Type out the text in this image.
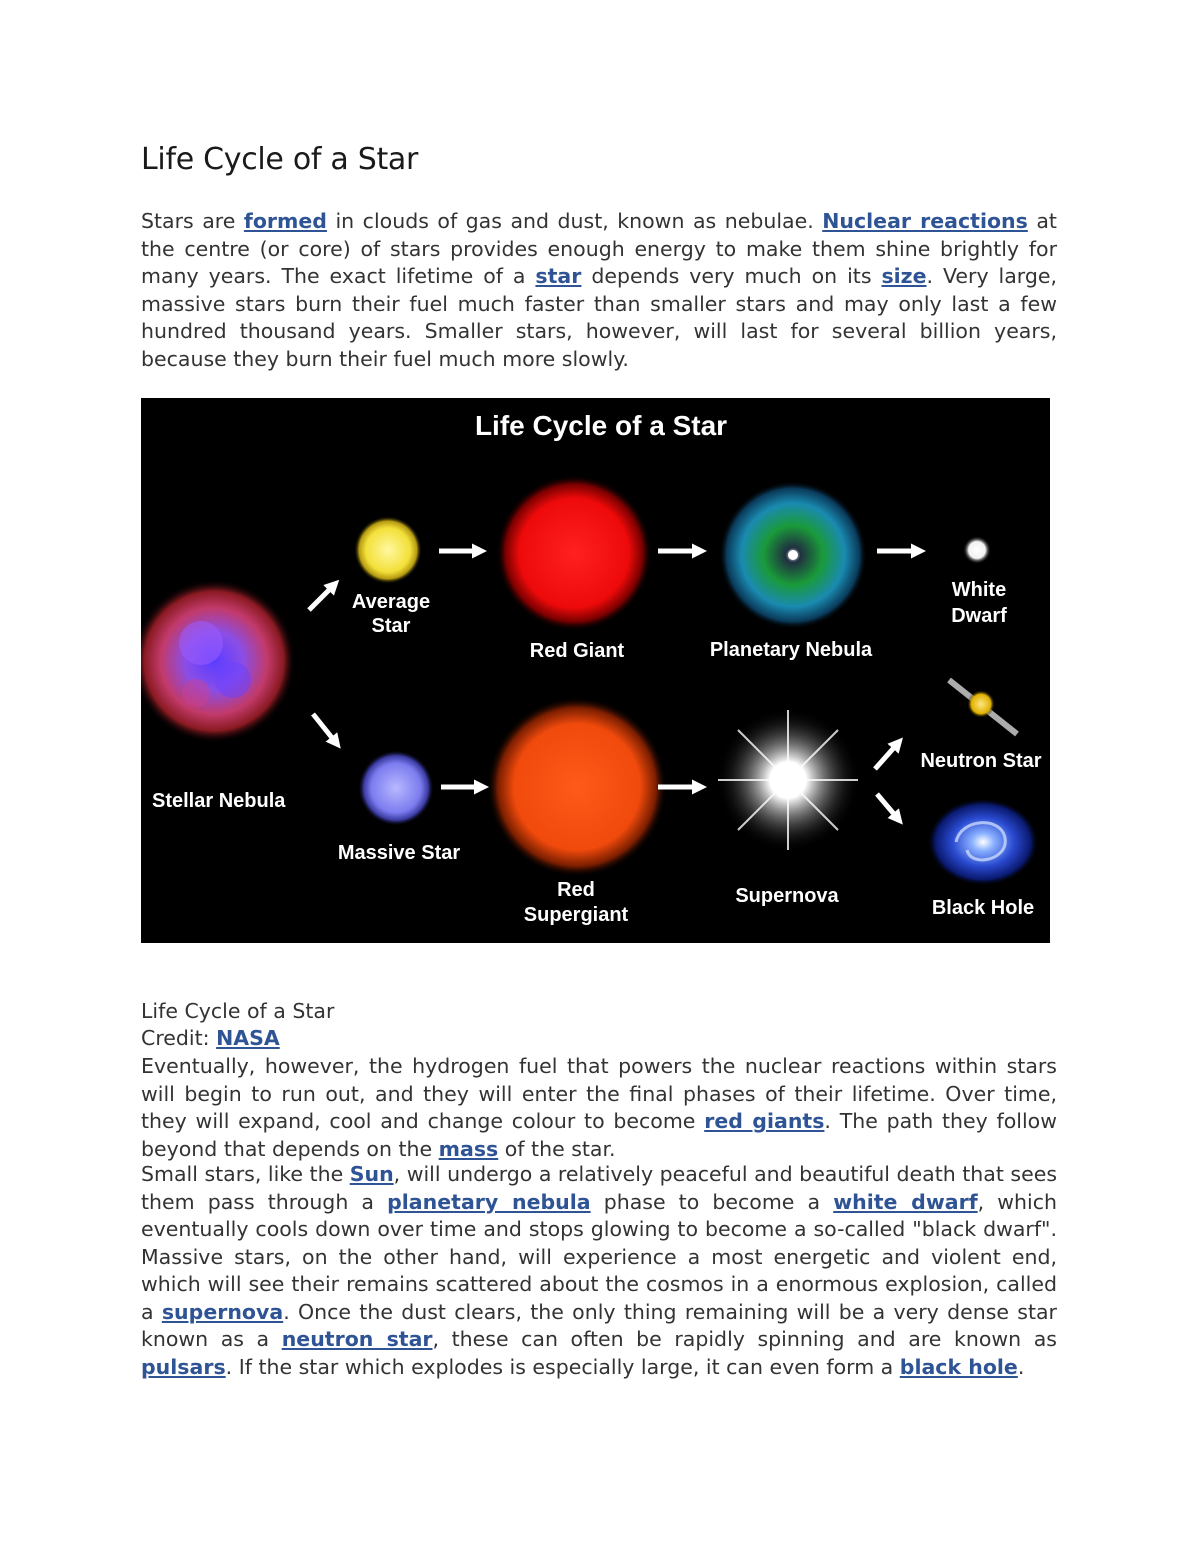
Life Cycle of a Star

Stars are formed in clouds of gas and dust, known as nebulae. Nuclear reactions at the centre (or core) of stars provides enough energy to make them shine brightly for many years. The exact lifetime of a star depends very much on its size. Very large, massive stars burn their fuel much faster than smaller stars and may only last a few hundred thousand years. Smaller stars, however, will last for several billion years, because they burn their fuel much more slowly.

Life Cycle of a Star
Stellar Nebula
Average Star
Red Giant	Planetary Nebula
White Dwarf
Massive Star
Red Supergiant
Supernova
Neutron Star
Black Hole

Life Cycle of a Star

Credit: NASA

Eventually, however, the hydrogen fuel that powers the nuclear reactions within stars will begin to run out, and they will enter the final phases of their lifetime. Over time, they will expand, cool and change colour to become red giants. The path they follow beyond that depends on the mass of the star.

Small stars, like the Sun, will undergo a relatively peaceful and beautiful death that sees them pass through a planetary nebula phase to become a white dwarf, which eventually cools down over time and stops glowing to become a so-called "black dwarf". Massive stars, on the other hand, will experience a most energetic and violent end, which will see their remains scattered about the cosmos in a enormous explosion, called a supernova. Once the dust clears, the only thing remaining will be a very dense star known as a neutron star, these can often be rapidly spinning and are known as pulsars. If the star which explodes is especially large, it can even form a black hole.
